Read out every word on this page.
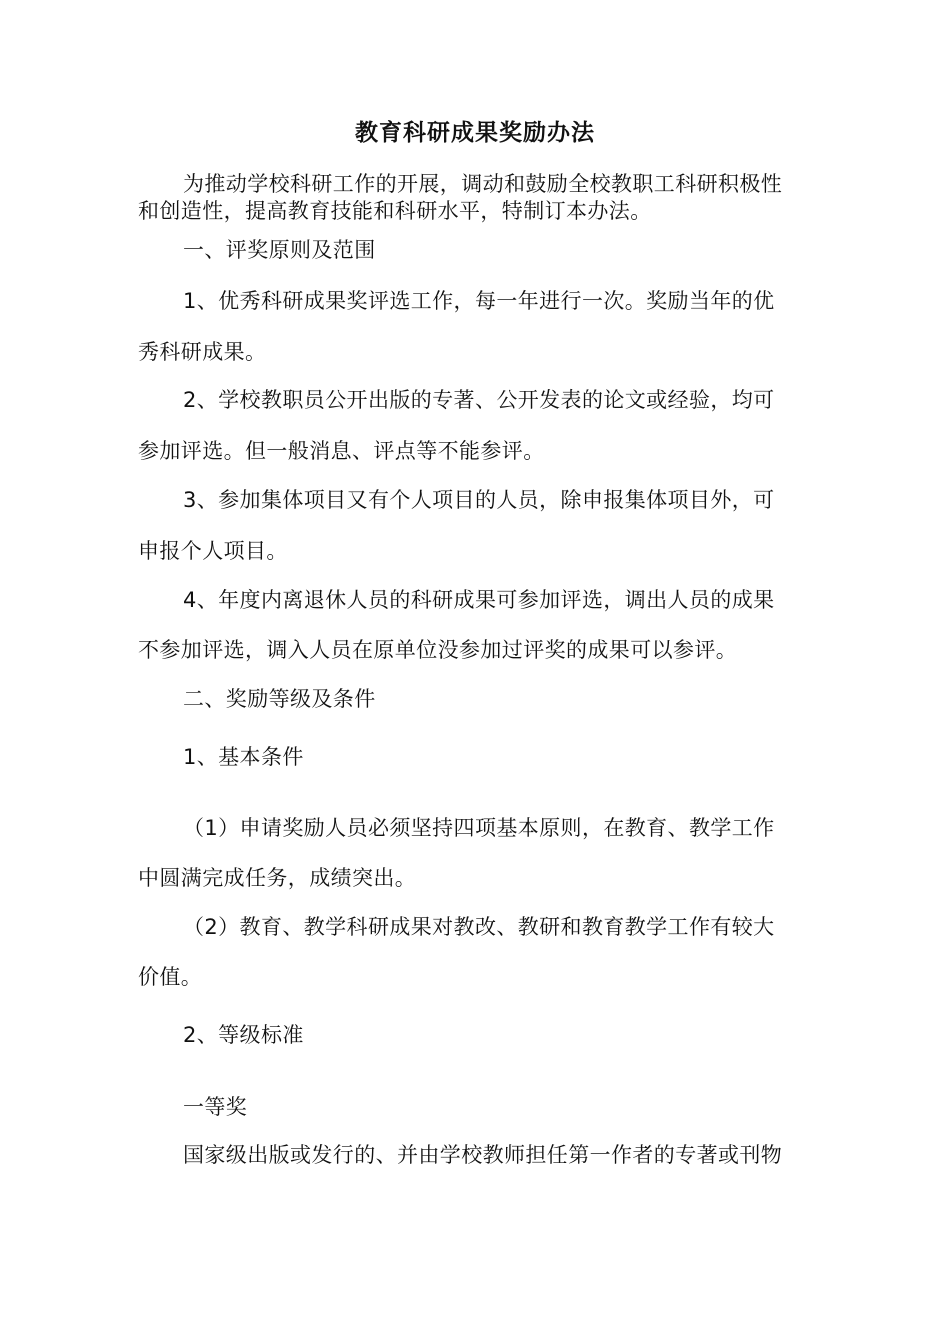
教育科研成果奖励办法
为推动学校科研工作的开展，调动和鼓励全校教职工科研积极性
和创造性，提高教育技能和科研水平，特制订本办法。
一、评奖原则及范围
1、优秀科研成果奖评选工作，每一年进行一次。奖励当年的优
秀科研成果。
2、学校教职员公开出版的专著、公开发表的论文或经验，均可
参加评选。但一般消息、评点等不能参评。
3、参加集体项目又有个人项目的人员，除申报集体项目外，可
申报个人项目。
4、年度内离退休人员的科研成果可参加评选，调出人员的成果
不参加评选，调入人员在原单位没参加过评奖的成果可以参评。
二、奖励等级及条件
1、基本条件
（1）申请奖励人员必须坚持四项基本原则，在教育、教学工作
中圆满完成任务，成绩突出。
（2）教育、教学科研成果对教改、教研和教育教学工作有较大
价值。
2、等级标准
一等奖
国家级出版或发行的、并由学校教师担任第一作者的专著或刊物
